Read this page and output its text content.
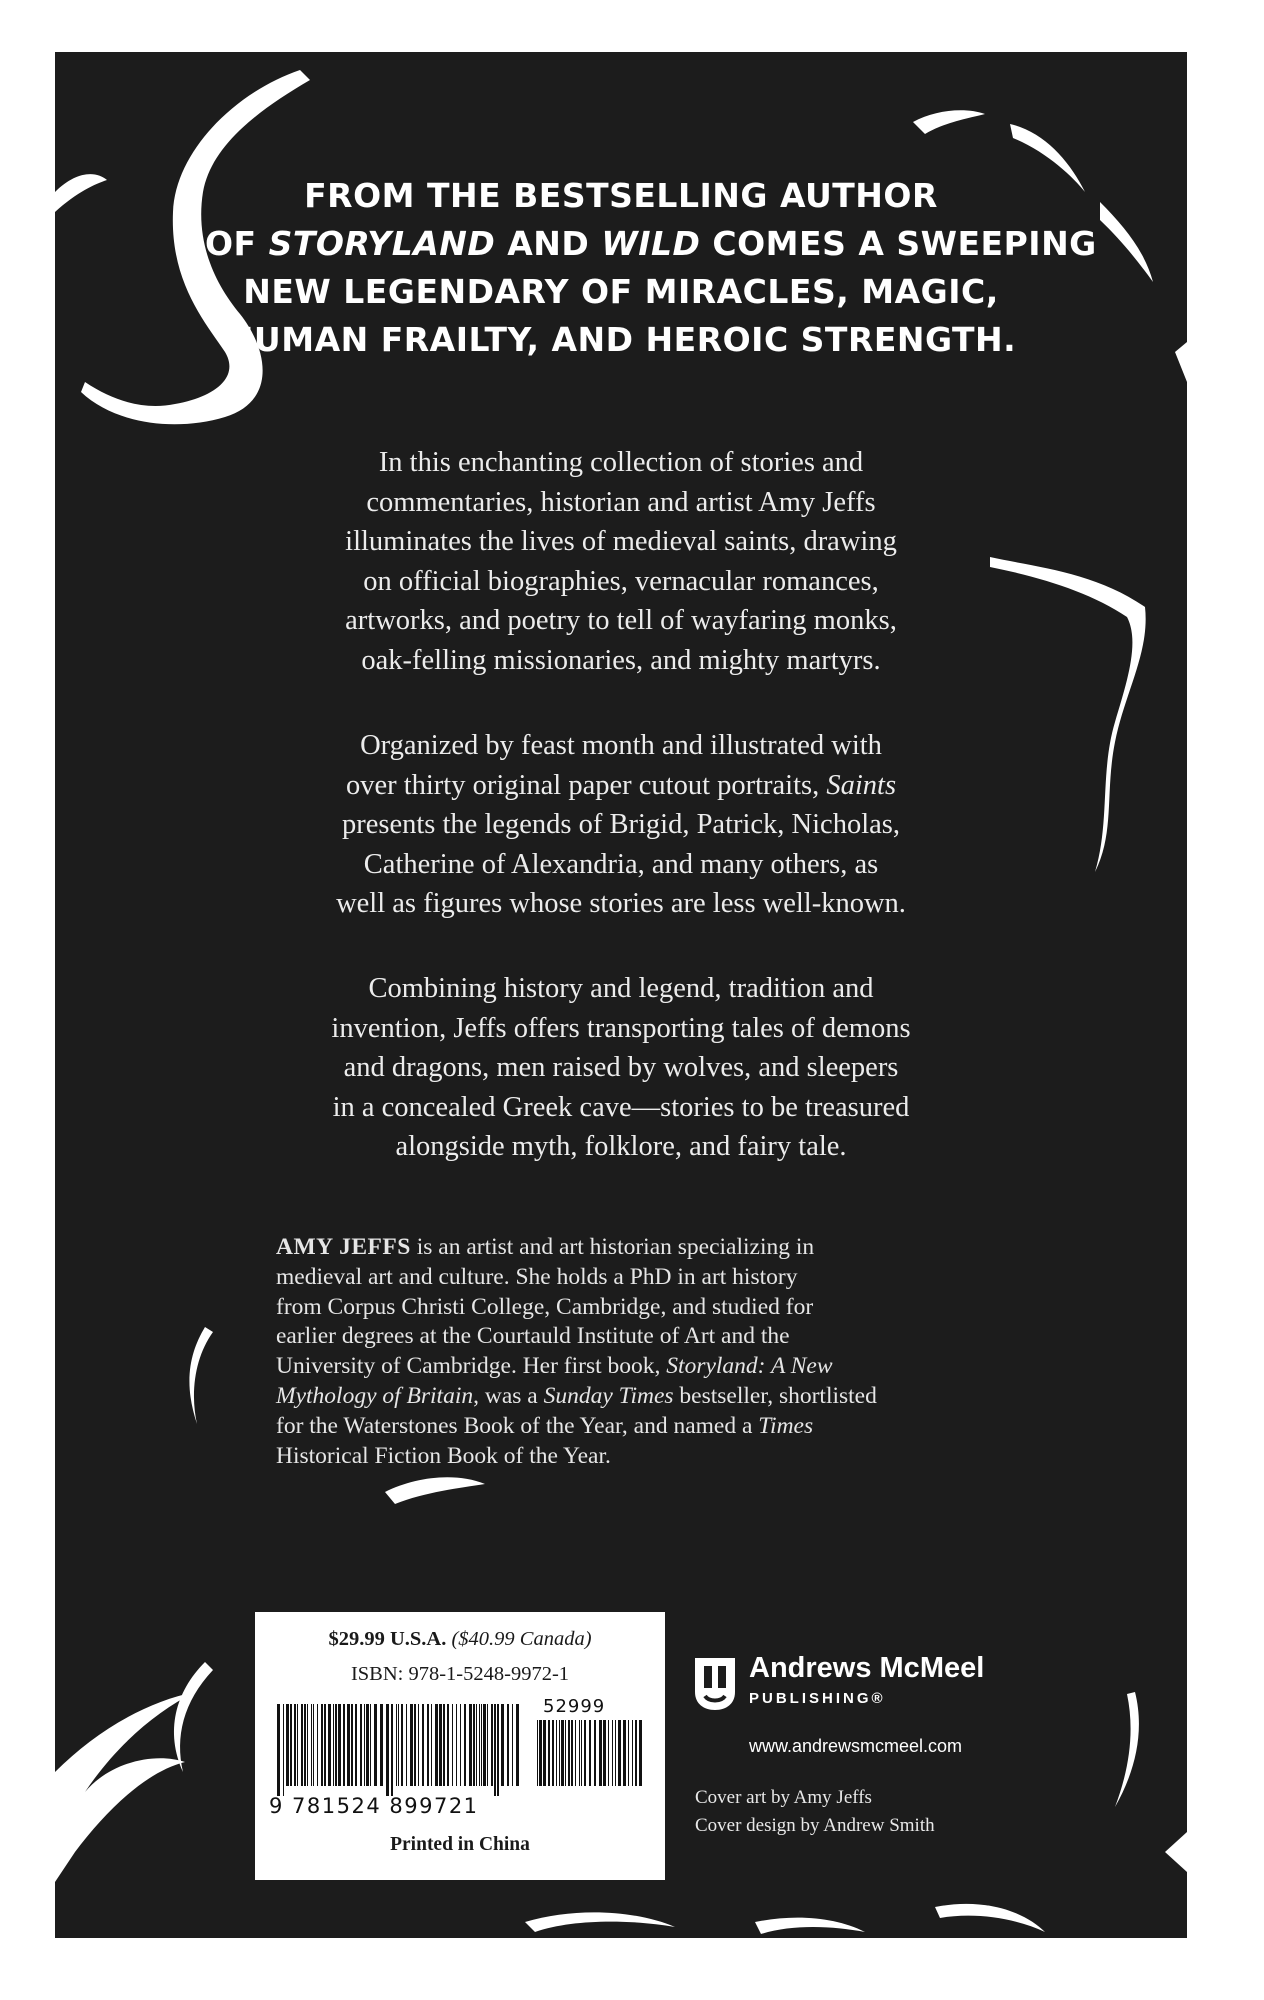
FROM THE BESTSELLING AUTHOR
OF STORYLAND AND WILD COMES A SWEEPING
NEW LEGENDARY OF MIRACLES, MAGIC,
HUMAN FRAILTY, AND HEROIC STRENGTH.
In this enchanting collection of stories and
commentaries, historian and artist Amy Jeffs
illuminates the lives of medieval saints, drawing
on official biographies, vernacular romances,
artworks, and poetry to tell of wayfaring monks,
oak-felling missionaries, and mighty martyrs.
Organized by feast month and illustrated with
over thirty original paper cutout portraits, Saints
presents the legends of Brigid, Patrick, Nicholas,
Catherine of Alexandria, and many others, as
well as figures whose stories are less well-known.
Combining history and legend, tradition and
invention, Jeffs offers transporting tales of demons
and dragons, men raised by wolves, and sleepers
in a concealed Greek cave—stories to be treasured
alongside myth, folklore, and fairy tale.
AMY JEFFS is an artist and art historian specializing in
medieval art and culture. She holds a PhD in art history
from Corpus Christi College, Cambridge, and studied for
earlier degrees at the Courtauld Institute of Art and the
University of Cambridge. Her first book, Storyland: A New
Mythology of Britain, was a Sunday Times bestseller, shortlisted
for the Waterstones Book of the Year, and named a Times
Historical Fiction Book of the Year.
$29.99 U.S.A. ($40.99 Canada)
ISBN: 978-1-5248-9972-1
52999
9 781524 899721
Printed in China
Andrews McMeel
PUBLISHING®
www.andrewsmcmeel.com
Cover art by Amy Jeffs
Cover design by Andrew Smith
